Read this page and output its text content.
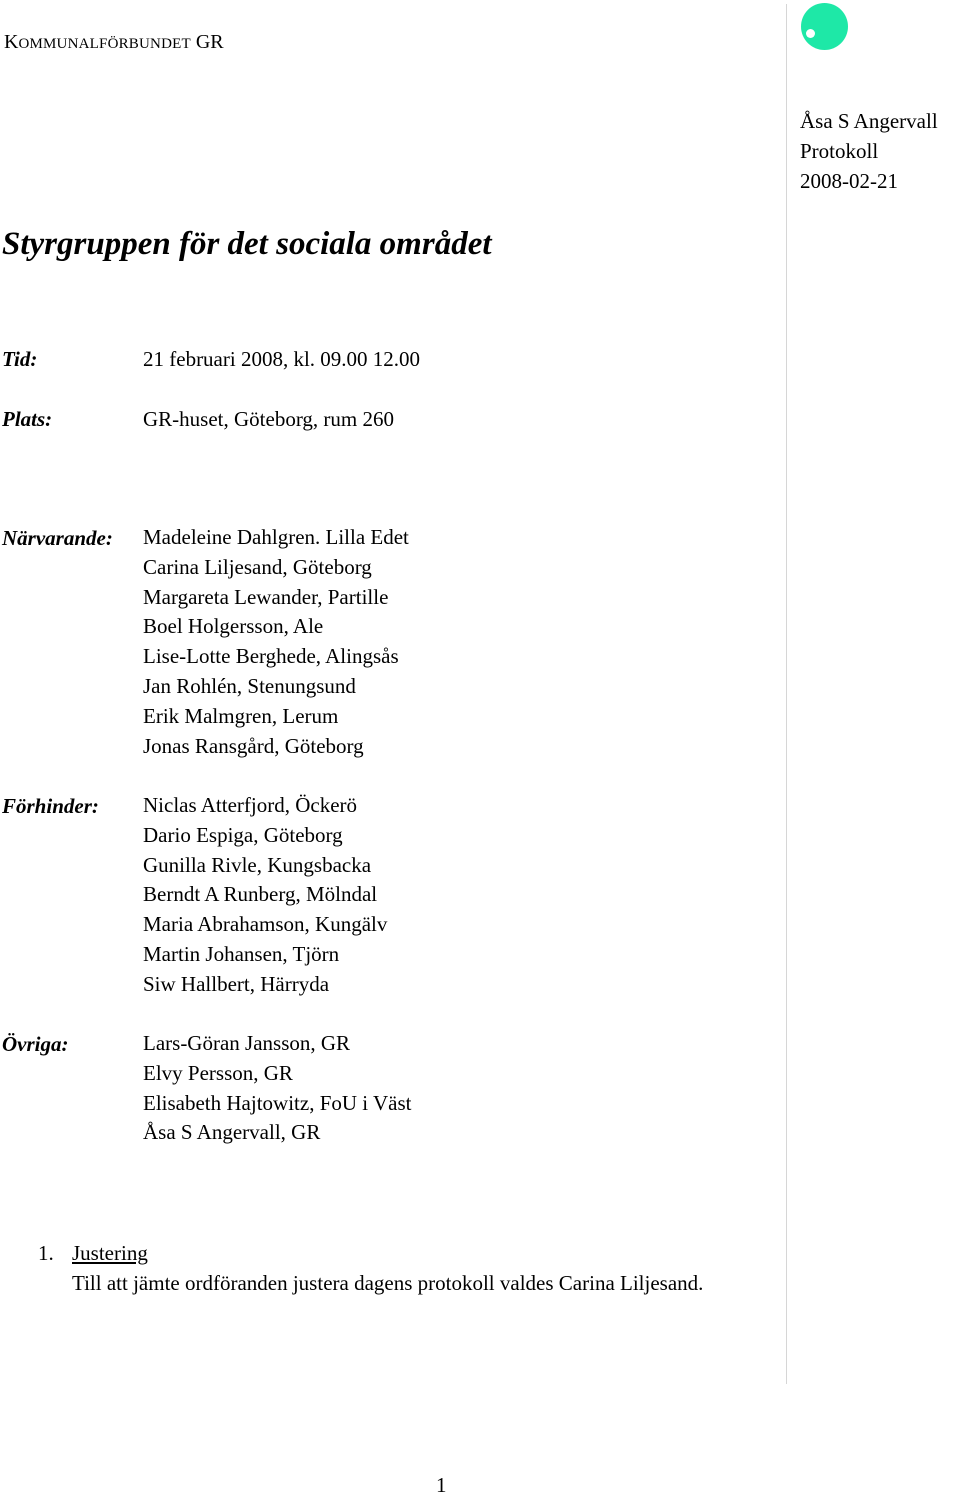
KOMMUNALFÖRBUNDET GR
Åsa S Angervall
Protokoll
2008-02-21
Styrgruppen för det sociala området
Tid:	21 februari 2008, kl. 09.00 12.00
Plats:	GR-huset, Göteborg, rum 260
Närvarande: Madeleine Dahlgren. Lilla Edet
Carina Liljesand, Göteborg
Margareta Lewander, Partille
Boel Holgersson, Ale
Lise-Lotte Berghede, Alingsås
Jan Rohlén, Stenungsund
Erik Malmgren, Lerum
Jonas Ransgård, Göteborg
Förhinder: Niclas Atterfjord, Öckerö
Dario Espiga, Göteborg
Gunilla Rivle, Kungsbacka
Berndt A Runberg, Mölndal
Maria Abrahamson, Kungälv
Martin Johansen, Tjörn
Siw Hallbert, Härryda
Övriga:	Lars-Göran Jansson, GR
Elvy Persson, GR
Elisabeth Hajtowitz, FoU i Väst
Åsa S Angervall, GR
1. Justering
Till att jämte ordföranden justera dagens protokoll valdes Carina Liljesand.
1
